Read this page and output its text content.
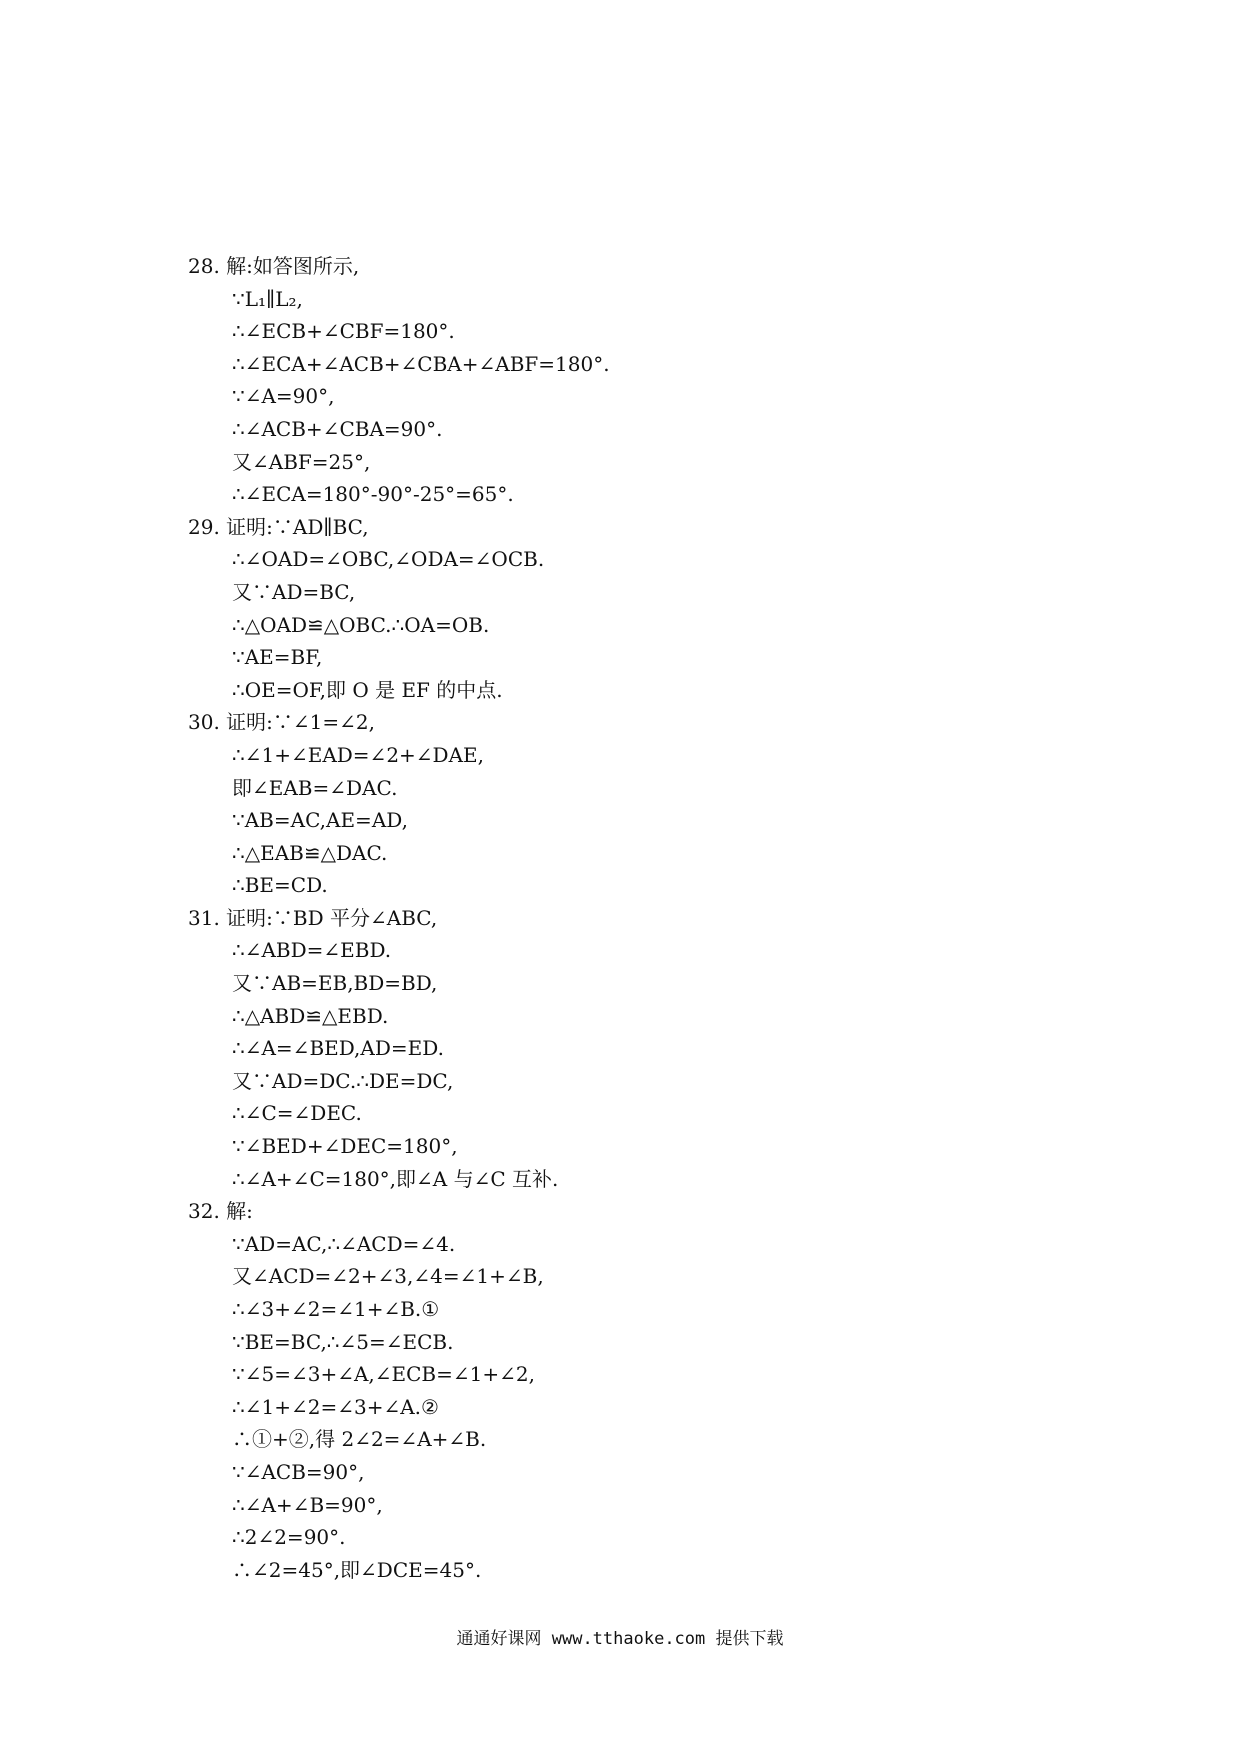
28. 解:如答图所示,
∵L₁∥L₂,
∴∠ECB+∠CBF=180°.
∴∠ECA+∠ACB+∠CBA+∠ABF=180°.
∵∠A=90°,
∴∠ACB+∠CBA=90°.
又∠ABF=25°,
∴∠ECA=180°-90°-25°=65°.
29. 证明:∵AD∥BC,
∴∠OAD=∠OBC,∠ODA=∠OCB.
又∵AD=BC,
∴△OAD≌△OBC.∴OA=OB.
∵AE=BF,
∴OE=OF,即 O 是 EF 的中点.
30. 证明:∵∠1=∠2,
∴∠1+∠EAD=∠2+∠DAE,
即∠EAB=∠DAC.
∵AB=AC,AE=AD,
∴△EAB≌△DAC.
∴BE=CD.
31. 证明:∵BD 平分∠ABC,
∴∠ABD=∠EBD.
又∵AB=EB,BD=BD,
∴△ABD≌△EBD.
∴∠A=∠BED,AD=ED.
又∵AD=DC.∴DE=DC,
∴∠C=∠DEC.
∵∠BED+∠DEC=180°,
∴∠A+∠C=180°,即∠A 与∠C 互补.
32. 解:
∵AD=AC,∴∠ACD=∠4.
又∠ACD=∠2+∠3,∠4=∠1+∠B,
∴∠3+∠2=∠1+∠B.①
∵BE=BC,∴∠5=∠ECB.
∵∠5=∠3+∠A,∠ECB=∠1+∠2,
∴∠1+∠2=∠3+∠A.②
∴①+②,得 2∠2=∠A+∠B.
∵∠ACB=90°,
∴∠A+∠B=90°,
∴2∠2=90°.
∴∠2=45°,即∠DCE=45°.
通通好课网 www.tthaoke.com 提供下载
